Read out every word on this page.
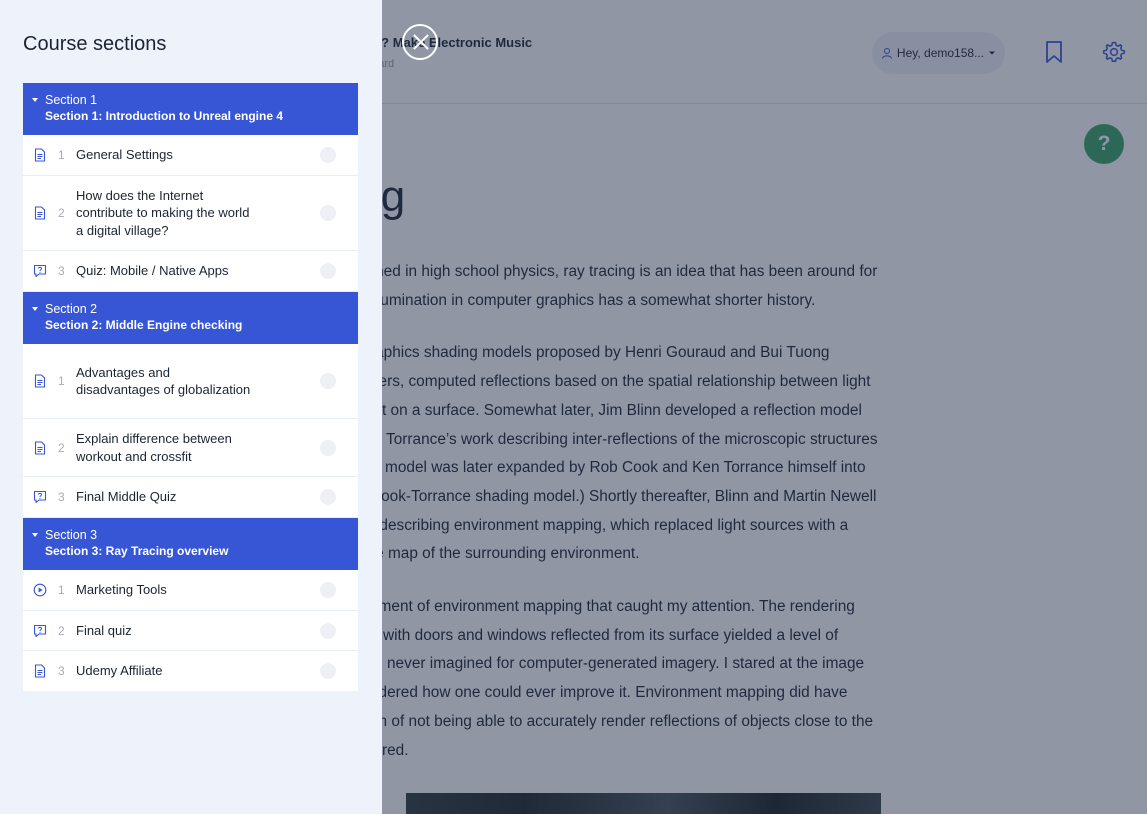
Course sections
Section 1
Section 1: Introduction to Unreal engine 4
1 General Settings
2
How does the Internet contribute to making the world a digital village?
3 Quiz: Mobile / Native Apps
Section 2
Section 2: Middle Engine checking
1
Advantages and disadvantages of globalization
2
Explain difference between workout and crossfit
3 Final Middle Quiz
Section 3
Section 3: Ray Tracing overview
1 Marketing Tools
2 Final quiz
3 Udemy Affiliate
